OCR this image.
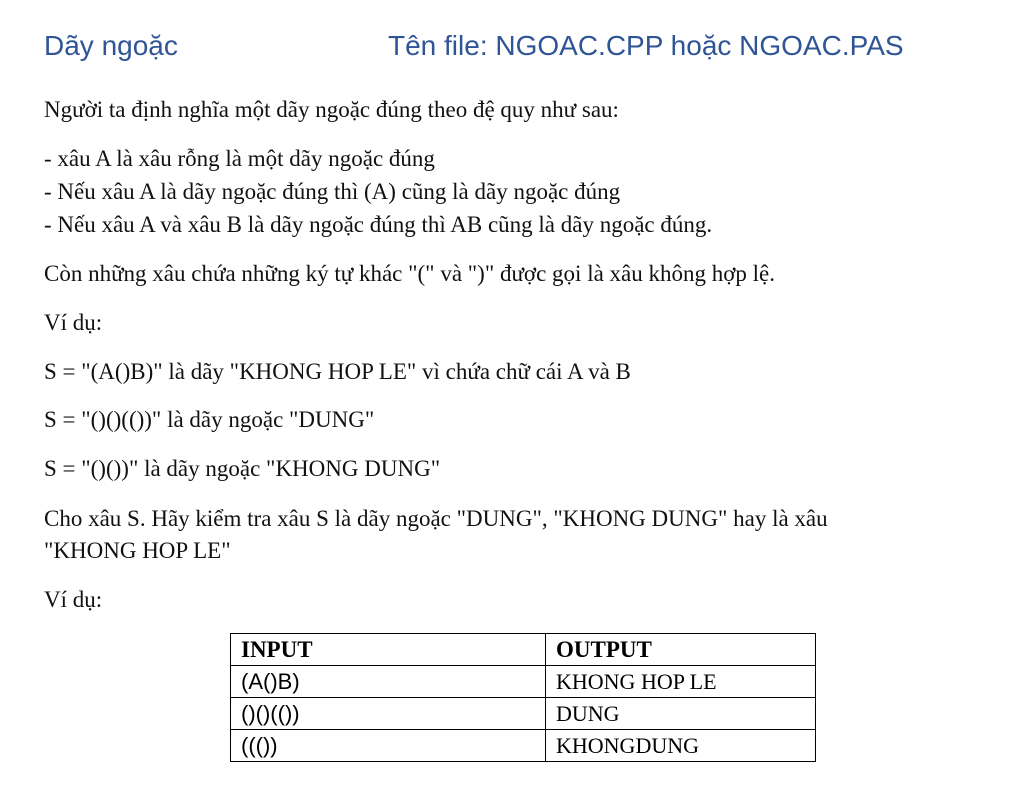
Dãy ngoặc	Tên file: NGOAC.CPP hoặc NGOAC.PAS
Người ta định nghĩa một dãy ngoặc đúng theo đệ quy như sau:
- xâu A là xâu rỗng là một dãy ngoặc đúng
- Nếu xâu A là dãy ngoặc đúng thì (A) cũng là dãy ngoặc đúng
- Nếu xâu A và xâu B là dãy ngoặc đúng thì AB cũng là dãy ngoặc đúng.
Còn những xâu chứa những ký tự khác "(" và ")" được gọi là xâu không hợp lệ.
Ví dụ:
S = "(A()B)" là dãy "KHONG HOP LE" vì chứa chữ cái A và B
S = "()()(())" là dãy ngoặc "DUNG"
S = "()())" là dãy ngoặc "KHONG DUNG"
Cho xâu S. Hãy kiểm tra xâu S là dãy ngoặc "DUNG", "KHONG DUNG" hay là xâu
"KHONG HOP LE"
Ví dụ:
INPUT	OUTPUT
(A()B)	KHONG HOP LE
()()(())	DUNG
((())	KHONGDUNG
